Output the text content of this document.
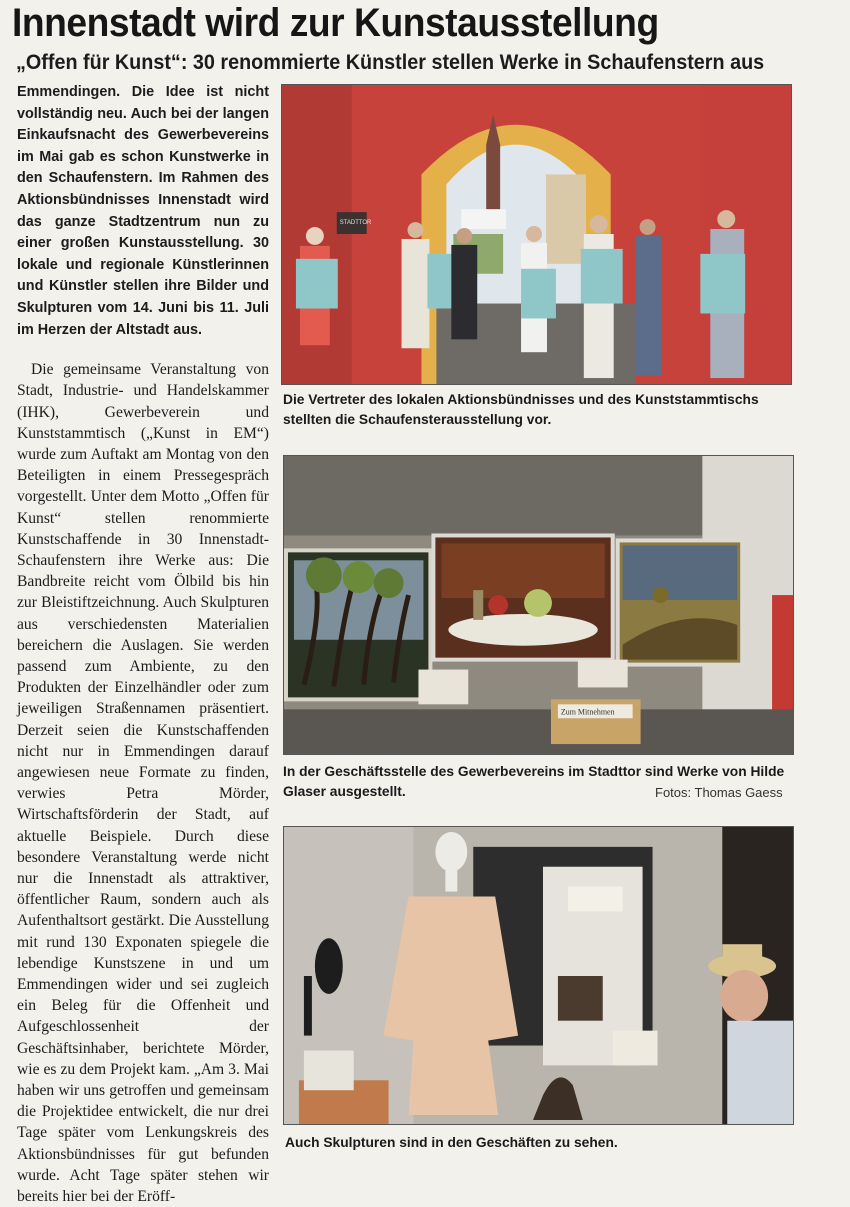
Innenstadt wird zur Kunstausstellung
„Offen für Kunst“: 30 renommierte Künstler stellen Werke in Schaufenstern aus

Emmendingen. Die Idee ist nicht vollständig neu. Auch bei der langen Einkaufsnacht des Gewerbevereins im Mai gab es schon Kunstwerke in den Schaufenstern. Im Rahmen des Aktionsbündnisses Innenstadt wird das ganze Stadtzentrum nun zu einer großen Kunstausstellung. 30 lokale und regionale Künstlerinnen und Künstler stellen ihre Bilder und Skulpturen vom 14. Juni bis 11. Juli im Herzen der Altstadt aus.

Die gemeinsame Veranstaltung von Stadt, Industrie- und Handelskammer (IHK), Gewerbeverein und Kunststammtisch („Kunst in EM“) wurde zum Auftakt am Montag von den Beteiligten in einem Pressegespräch vorgestellt. Unter dem Motto „Offen für Kunst“ stellen renommierte Kunstschaffende in 30 Innenstadt-Schaufenstern ihre Werke aus: Die Bandbreite reicht vom Ölbild bis hin zur Bleistiftzeichnung. Auch Skulpturen aus verschiedensten Materialien bereichern die Auslagen. Sie werden passend zum Ambiente, zu den Produkten der Einzelhändler oder zum jeweiligen Straßennamen präsentiert. Derzeit seien die Kunstschaffenden nicht nur in Emmendingen darauf angewiesen neue Formate zu finden, verwies Petra Mörder, Wirtschaftsförderin der Stadt, auf aktuelle Beispiele. Durch diese besondere Veranstaltung werde nicht nur die Innenstadt als attraktiver, öffentlicher Raum, sondern auch als Aufenthaltsort gestärkt. Die Ausstellung mit rund 130 Exponaten spiegele die lebendige Kunstszene in und um Emmendingen wider und sei zugleich ein Beleg für die Offenheit und Aufgeschlossenheit der Geschäftsinhaber, berichtete Mörder, wie es zu dem Projekt kam. „Am 3. Mai haben wir uns getroffen und gemeinsam die Projektidee entwickelt, die nur drei Tage später vom Lenkungskreis des Aktionsbündnisses für gut befunden wurde. Acht Tage später stehen wir bereits hier bei der Eröff-

STADTTOR
Die Vertreter des lokalen Aktionsbündnisses und des Kunststammtischs stellten die Schaufensterausstellung vor.
Zum Mitnehmen
In der Geschäftsstelle des Gewerbevereins im Stadttor sind Werke von Hilde Glaser ausgestellt.	Fotos: Thomas Gaess
Auch Skulpturen sind in den Geschäften zu sehen.
